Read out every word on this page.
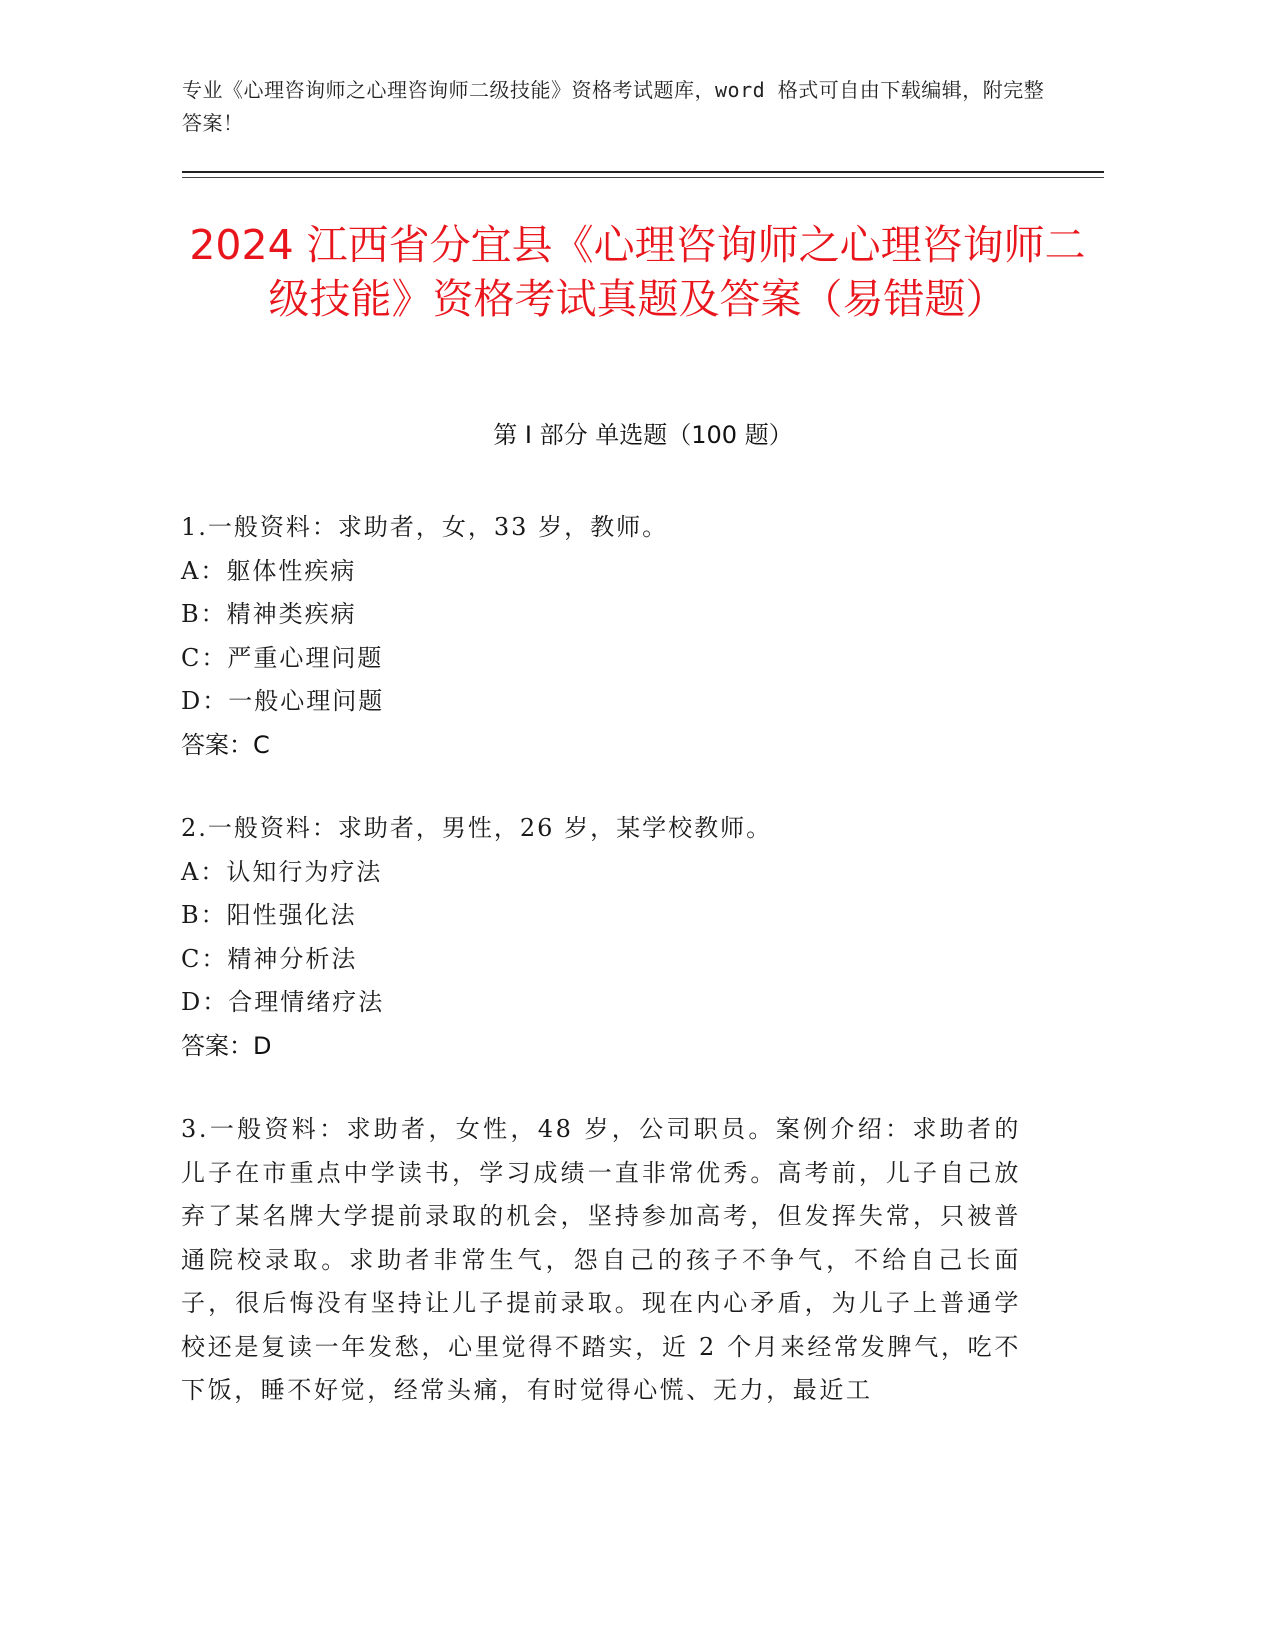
专业《心理咨询师之心理咨询师二级技能》资格考试题库，word 格式可自由下载编辑，附完整答案！
2024 江西省分宜县《心理咨询师之心理咨询师二级技能》资格考试真题及答案（易错题）
第 I 部分 单选题（100 题）

1.一般资料：求助者，女，33 岁，教师。

A：躯体性疾病

B：精神类疾病

C：严重心理问题

D：一般心理问题

答案：C

2.一般资料：求助者，男性，26 岁，某学校教师。

A：认知行为疗法

B：阳性强化法

C：精神分析法

D：合理情绪疗法

答案：D

3.一般资料：求助者，女性，48 岁，公司职员。案例介绍：求助者的儿子在市重点中学读书，学习成绩一直非常优秀。高考前，儿子自己放弃了某名牌大学提前录取的机会，坚持参加高考，但发挥失常，只被普通院校录取。求助者非常生气，怨自己的孩子不争气，不给自己长面子，很后悔没有坚持让儿子提前录取。现在内心矛盾，为儿子上普通学校还是复读一年发愁，心里觉得不踏实，近 2 个月来经常发脾气，吃不下饭，睡不好觉，经常头痛，有时觉得心慌、无力，最近工
